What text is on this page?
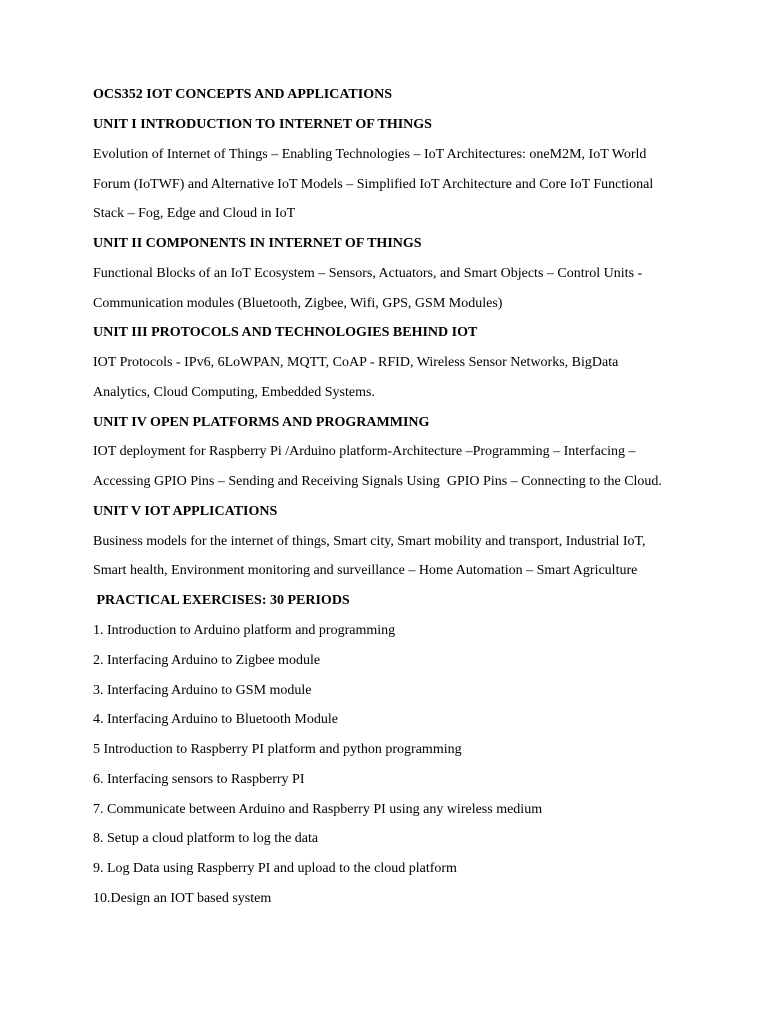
OCS352 IOT CONCEPTS AND APPLICATIONS
UNIT I INTRODUCTION TO INTERNET OF THINGS
Evolution of Internet of Things – Enabling Technologies – IoT Architectures: oneM2M, IoT World
Forum (IoTWF) and Alternative IoT Models – Simplified IoT Architecture and Core IoT Functional
Stack – Fog, Edge and Cloud in IoT
UNIT II COMPONENTS IN INTERNET OF THINGS
Functional Blocks of an IoT Ecosystem – Sensors, Actuators, and Smart Objects – Control Units -
Communication modules (Bluetooth, Zigbee, Wifi, GPS, GSM Modules)
UNIT III PROTOCOLS AND TECHNOLOGIES BEHIND IOT
IOT Protocols - IPv6, 6LoWPAN, MQTT, CoAP - RFID, Wireless Sensor Networks, BigData
Analytics, Cloud Computing, Embedded Systems.
UNIT IV OPEN PLATFORMS AND PROGRAMMING
IOT deployment for Raspberry Pi /Arduino platform-Architecture –Programming – Interfacing –
Accessing GPIO Pins – Sending and Receiving Signals Using  GPIO Pins – Connecting to the Cloud.
UNIT V IOT APPLICATIONS
Business models for the internet of things, Smart city, Smart mobility and transport, Industrial IoT,
Smart health, Environment monitoring and surveillance – Home Automation – Smart Agriculture
PRACTICAL EXERCISES: 30 PERIODS
1. Introduction to Arduino platform and programming
2. Interfacing Arduino to Zigbee module
3. Interfacing Arduino to GSM module
4. Interfacing Arduino to Bluetooth Module
5 Introduction to Raspberry PI platform and python programming
6. Interfacing sensors to Raspberry PI
7. Communicate between Arduino and Raspberry PI using any wireless medium
8. Setup a cloud platform to log the data
9. Log Data using Raspberry PI and upload to the cloud platform
10.Design an IOT based system
